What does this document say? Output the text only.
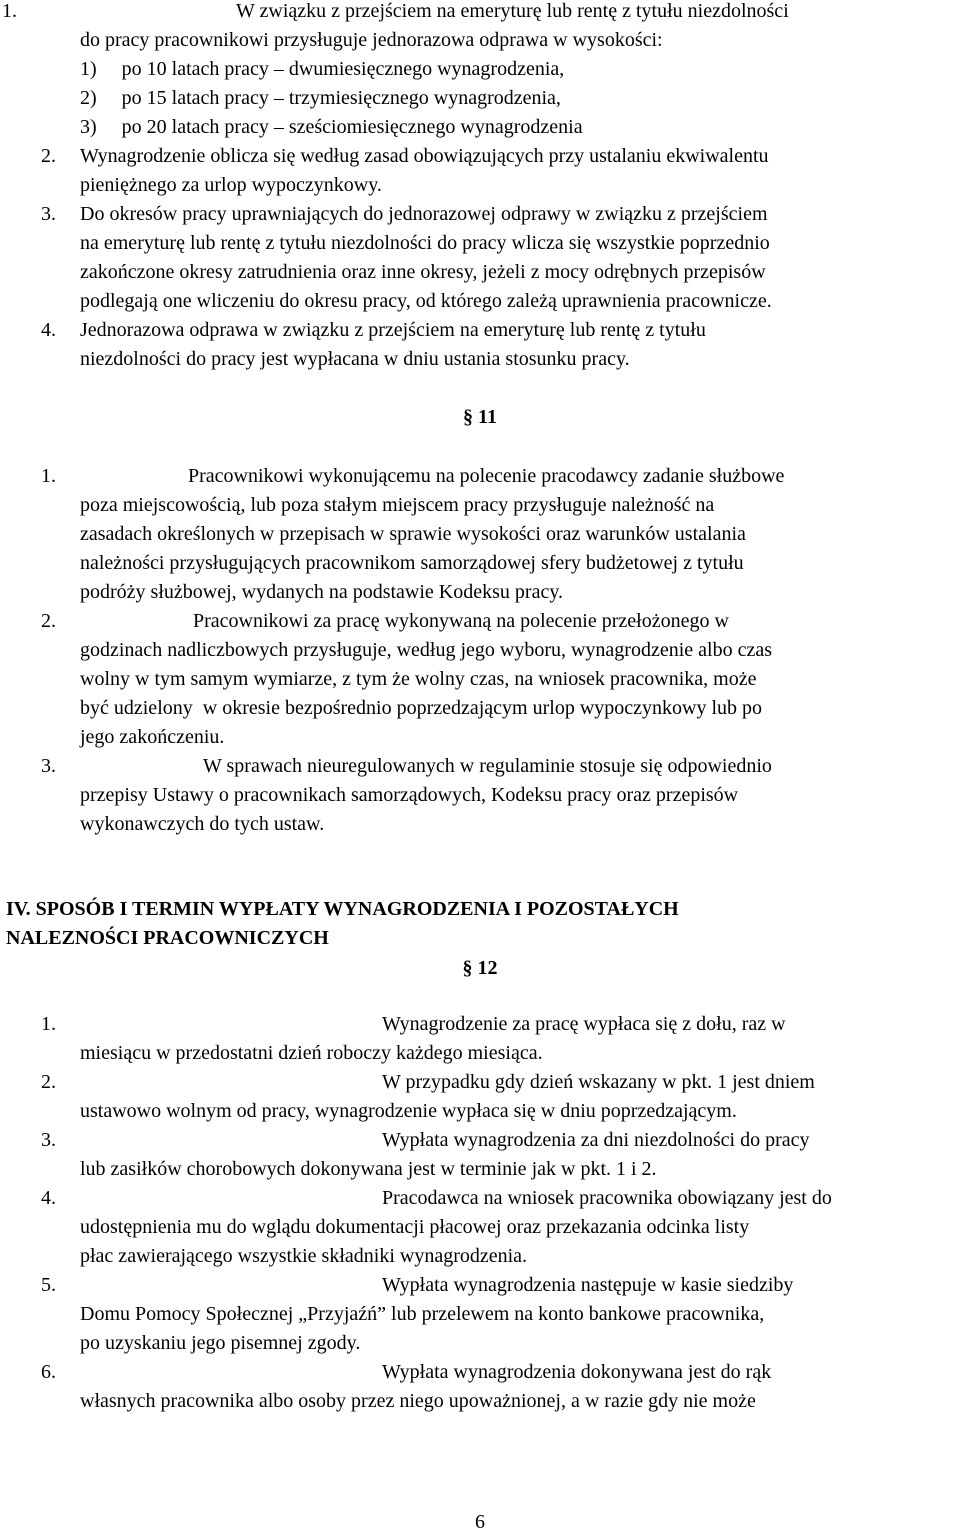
1.	W związku z przejściem na emeryturę lub rentę z tytułu niezdolności
do pracy pracownikowi przysługuje jednorazowa odprawa w wysokości:
1)     po 10 latach pracy – dwumiesięcznego wynagrodzenia,
2)     po 15 latach pracy – trzymiesięcznego wynagrodzenia,
3)     po 20 latach pracy – sześciomiesięcznego wynagrodzenia
2. Wynagrodzenie oblicza się według zasad obowiązujących przy ustalaniu ekwiwalentu
pieniężnego za urlop wypoczynkowy.
3. Do okresów pracy uprawniających do jednorazowej odprawy w związku z przejściem
na emeryturę lub rentę z tytułu niezdolności do pracy wlicza się wszystkie poprzednio
zakończone okresy zatrudnienia oraz inne okresy, jeżeli z mocy odrębnych przepisów
podlegają one wliczeniu do okresu pracy, od którego zależą uprawnienia pracownicze.
4. Jednorazowa odprawa w związku z przejściem na emeryturę lub rentę z tytułu
niezdolności do pracy jest wypłacana w dniu ustania stosunku pracy.
§ 11
1.	Pracownikowi wykonującemu na polecenie pracodawcy zadanie służbowe
poza miejscowością, lub poza stałym miejscem pracy przysługuje należność na
zasadach określonych w przepisach w sprawie wysokości oraz warunków ustalania
należności przysługujących pracownikom samorządowej sfery budżetowej z tytułu
podróży służbowej, wydanych na podstawie Kodeksu pracy.
2.	Pracownikowi za pracę wykonywaną na polecenie przełożonego w
godzinach nadliczbowych przysługuje, według jego wyboru, wynagrodzenie albo czas
wolny w tym samym wymiarze, z tym że wolny czas, na wniosek pracownika, może
być udzielony  w okresie bezpośrednio poprzedzającym urlop wypoczynkowy lub po
jego zakończeniu.
3.	W sprawach nieuregulowanych w regulaminie stosuje się odpowiednio
przepisy Ustawy o pracownikach samorządowych, Kodeksu pracy oraz przepisów
wykonawczych do tych ustaw.
IV. SPOSÓB I TERMIN WYPŁATY WYNAGRODZENIA I POZOSTAŁYCH
NALEZNOŚCI PRACOWNICZYCH
§ 12
1.	Wynagrodzenie za pracę wypłaca się z dołu, raz w
miesiącu w przedostatni dzień roboczy każdego miesiąca.
2.	W przypadku gdy dzień wskazany w pkt. 1 jest dniem
ustawowo wolnym od pracy, wynagrodzenie wypłaca się w dniu poprzedzającym.
3.	Wypłata wynagrodzenia za dni niezdolności do pracy
lub zasiłków chorobowych dokonywana jest w terminie jak w pkt. 1 i 2.
4.	Pracodawca na wniosek pracownika obowiązany jest do
udostępnienia mu do wglądu dokumentacji płacowej oraz przekazania odcinka listy
płac zawierającego wszystkie składniki wynagrodzenia.
5.	Wypłata wynagrodzenia następuje w kasie siedziby
Domu Pomocy Społecznej „Przyjaźń” lub przelewem na konto bankowe pracownika,
po uzyskaniu jego pisemnej zgody.
6.	Wypłata wynagrodzenia dokonywana jest do rąk
własnych pracownika albo osoby przez niego upoważnionej, a w razie gdy nie może
6
